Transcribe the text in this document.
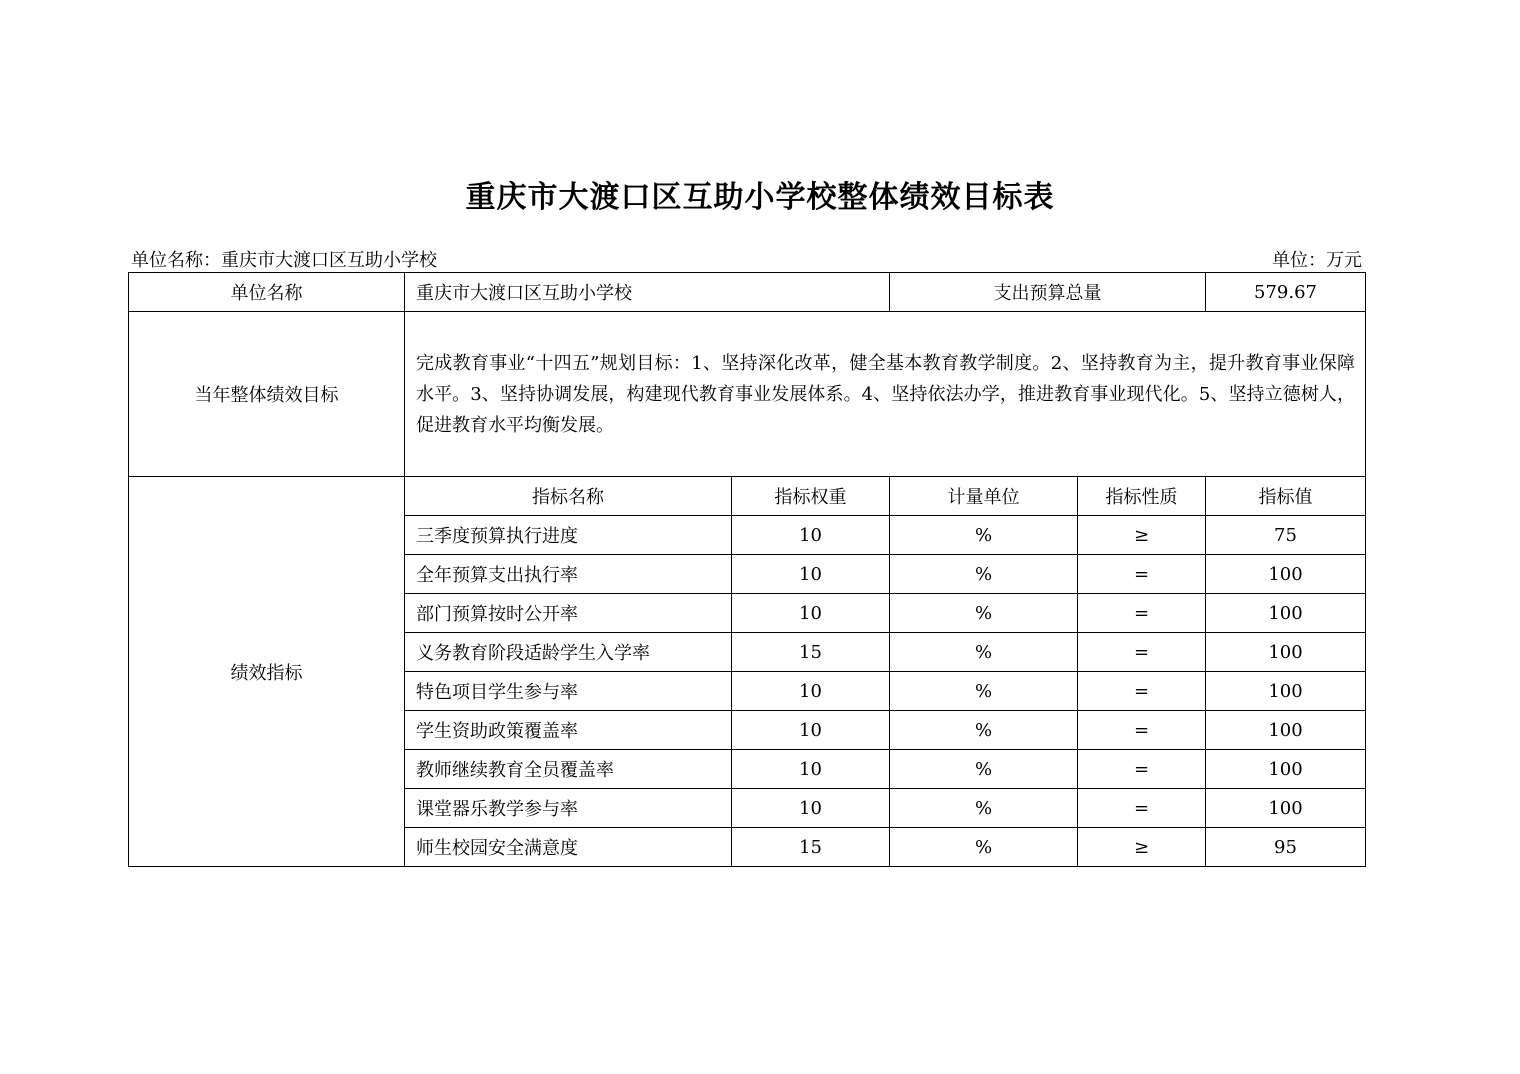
重庆市大渡口区互助小学校整体绩效目标表
单位名称：重庆市大渡口区互助小学校	单位：万元
单位名称	重庆市大渡口区互助小学校		支出预算总量		579.67
当年整体绩效目标	完成教育事业“十四五”规划目标：1、坚持深化改革，健全基本教育教学制度。2、坚持教育为主，提升教育事业保障水平。3、坚持协调发展，构建现代教育事业发展体系。4、坚持依法办学，推进教育事业现代化。5、坚持立德树人，促进教育水平均衡发展。				
绩效指标	指标名称	指标权重	计量单位	指标性质	指标值
	三季度预算执行进度	10	%	≥	75
	全年预算支出执行率	10	%	=	100
	部门预算按时公开率	10	%	=	100
	义务教育阶段适龄学生入学率	15	%	=	100
	特色项目学生参与率	10	%	=	100
	学生资助政策覆盖率	10	%	=	100
	教师继续教育全员覆盖率	10	%	=	100
	课堂器乐教学参与率	10	%	=	100
	师生校园安全满意度	15	%	≥	95
